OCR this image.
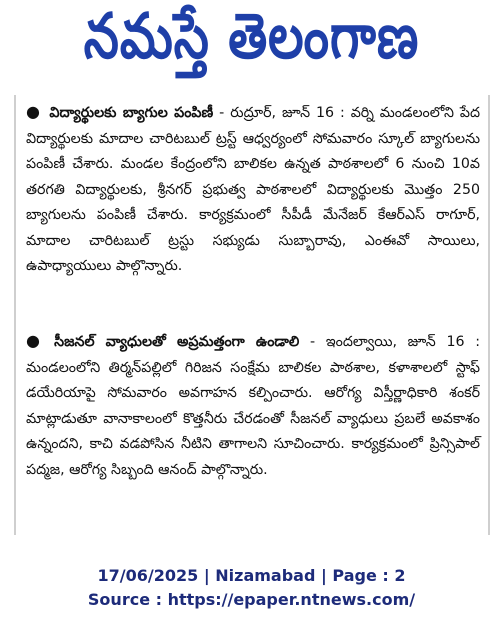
నమస్తే తెలంగాణ
● విద్యార్థులకు బ్యాగుల పంపిణీ - రుద్రూర్, జూన్ 16 : వర్ని మండలంలోని పేద విద్యార్థులకు మాదాల చారిటబుల్ ట్రస్ట్ ఆధ్వర్యంలో సోమవారం స్కూల్ బ్యాగులను పంపిణీ చేశారు. మండల కేంద్రంలోని బాలికల ఉన్నత పాఠశాలలో 6 నుంచి 10వ తరగతి విద్యార్థులకు, శ్రీనగర్ ప్రభుత్వ పాఠశాలలో విద్యార్థులకు మొత్తం 250 బ్యాగులను పంపిణీ చేశారు. కార్యక్రమంలో సీపీడీ మేనేజర్ కేఆర్ఎస్ రాగూర్, మాదాల చారిటబుల్ ట్రస్టు సభ్యుడు సుబ్బారావు, ఎంఈవో సాయిలు, ఉపాధ్యాయులు పాల్గొన్నారు.
● సీజనల్ వ్యాధులతో అప్రమత్తంగా ఉండాలి - ఇందల్వాయి, జూన్ 16 : మండలంలోని తిర్మన్‌పల్లిలో గిరిజన సంక్షేమ బాలికల పాఠశాల, కళాశాలలో స్టాఫ్ డయేరియాపై సోమవారం అవగాహన కల్పించారు. ఆరోగ్య విస్తీర్ణాధికారి శంకర్ మాట్లాడుతూ వానాకాలంలో కొత్తనీరు చేరడంతో సీజనల్ వ్యాధులు ప్రబలే అవకాశం ఉన్నందని, కాచి వడపోసిన నీటిని తాగాలని సూచించారు. కార్యక్రమంలో ప్రిన్సిపాల్ పద్మజ, ఆరోగ్య సిబ్బంది ఆనంద్ పాల్గొన్నారు.
17/06/2025 | Nizamabad | Page : 2
Source : https://epaper.ntnews.com/
